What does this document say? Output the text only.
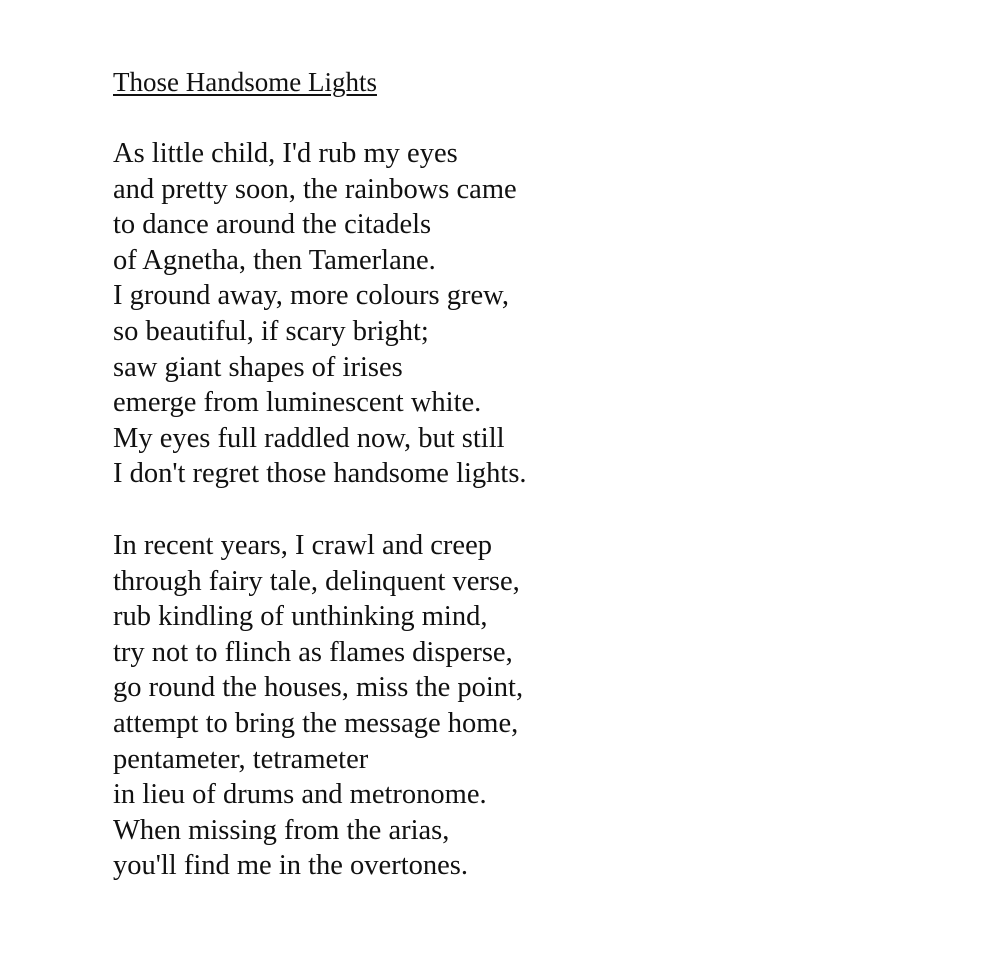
Those Handsome Lights
As little child, I'd rub my eyes
and pretty soon, the rainbows came
to dance around the citadels
of Agnetha, then Tamerlane.
I ground away, more colours grew,
so beautiful, if scary bright;
saw giant shapes of irises
emerge from luminescent white.
My eyes full raddled now, but still
I don't regret those handsome lights.
In recent years, I crawl and creep
through fairy tale, delinquent verse,
rub kindling of unthinking mind,
try not to flinch as flames disperse,
go round the houses, miss the point,
attempt to bring the message home,
pentameter, tetrameter
in lieu of drums and metronome.
When missing from the arias,
you'll find me in the overtones.
